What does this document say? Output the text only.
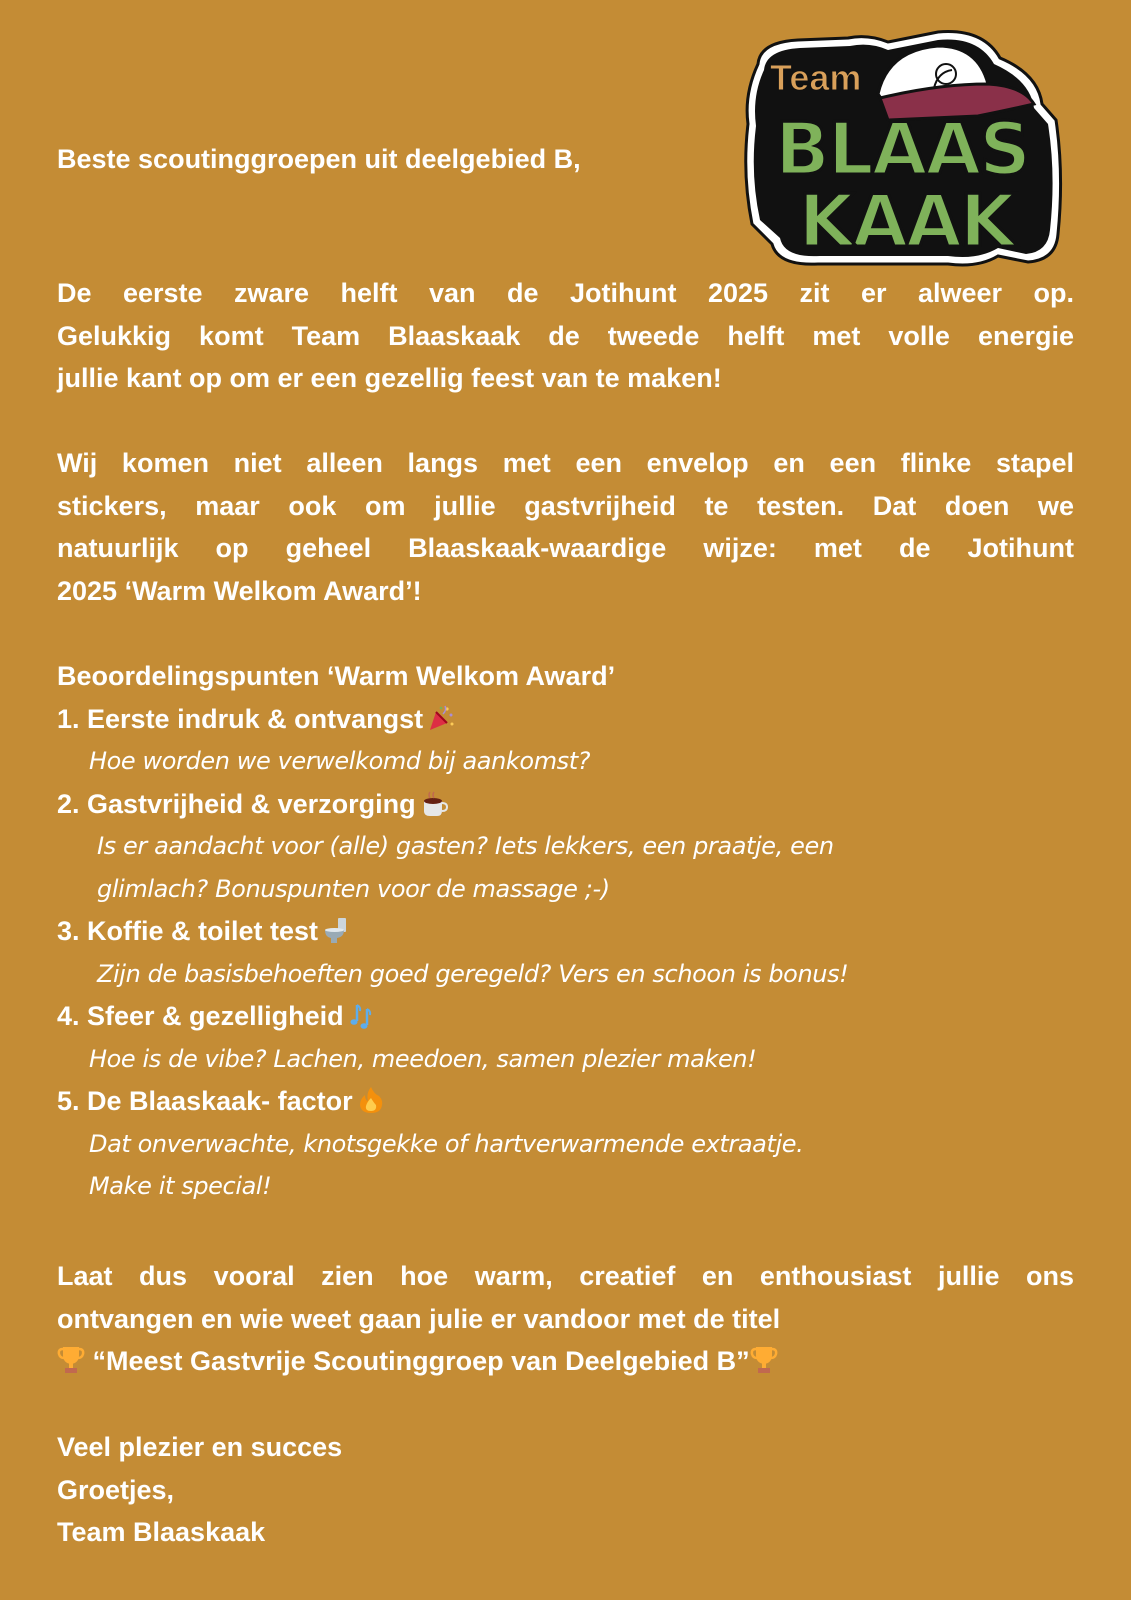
Team
BLAAS
KAAK
Beste scoutinggroepen uit deelgebied B,
De eerste zware helft van de Jotihunt 2025 zit er alweer op.
Gelukkig komt Team Blaaskaak de tweede helft met volle energie
jullie kant op om er een gezellig feest van te maken!
Wij komen niet alleen langs met een envelop en een flinke stapel
stickers, maar ook om jullie gastvrijheid te testen. Dat doen we
natuurlijk op geheel Blaaskaak-waardige wijze: met de Jotihunt
2025 ‘Warm Welkom Award’!
Beoordelingspunten ‘Warm Welkom Award’
1. Eerste indruk & ontvangst
Hoe worden we verwelkomd bij aankomst?
2. Gastvrijheid & verzorging
Is er aandacht voor (alle) gasten? Iets lekkers, een praatje, een
glimlach? Bonuspunten voor de massage ;-)
3. Koffie & toilet test
Zijn de basisbehoeften goed geregeld? Vers en schoon is bonus!
4. Sfeer & gezelligheid
Hoe is de vibe? Lachen, meedoen, samen plezier maken!
5. De Blaaskaak- factor
Dat onverwachte, knotsgekke of hartverwarmende extraatje.
Make it special!
Laat dus vooral zien hoe warm, creatief en enthousiast jullie ons
ontvangen en wie weet gaan julie er vandoor met de titel
“Meest Gastvrije Scoutinggroep van Deelgebied B”
Veel plezier en succes
Groetjes,
Team Blaaskaak
